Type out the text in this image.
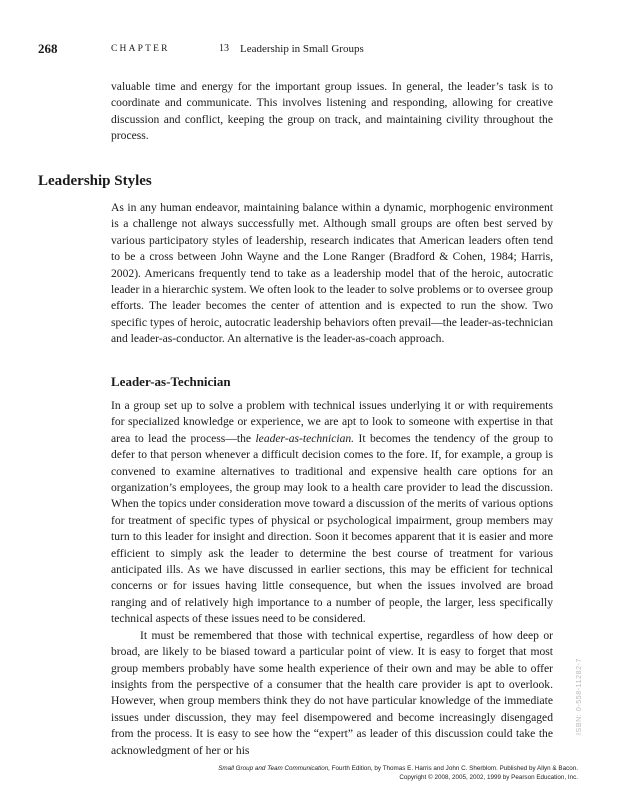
268	CHAPTER	13 Leadership in Small Groups

valuable time and energy for the important group issues. In general, the leader’s task is to coordinate and communicate. This involves listening and responding, allowing for creative discussion and conflict, keeping the group on track, and maintaining civility throughout the process.

Leadership Styles

As in any human endeavor, maintaining balance within a dynamic, morphogenic environment is a challenge not always successfully met. Although small groups are often best served by various participatory styles of leadership, research indicates that American leaders often tend to be a cross between John Wayne and the Lone Ranger (Bradford & Cohen, 1984; Harris, 2002). Americans frequently tend to take as a leadership model that of the heroic, autocratic leader in a hierarchic system. We often look to the leader to solve problems or to oversee group efforts. The leader becomes the center of attention and is expected to run the show. Two specific types of heroic, autocratic leadership behaviors often prevail—the leader-as-technician and leader-as-conductor. An alternative is the leader-as-coach approach.

Leader-as-Technician

In a group set up to solve a problem with technical issues underlying it or with requirements for specialized knowledge or experience, we are apt to look to someone with expertise in that area to lead the process—the leader-as-technician. It becomes the tendency of the group to defer to that person whenever a difficult decision comes to the fore. If, for example, a group is convened to examine alternatives to traditional and expensive health care options for an organization’s employees, the group may look to a health care provider to lead the discussion. When the topics under consideration move toward a discussion of the merits of various options for treatment of specific types of physical or psychological impairment, group members may turn to this leader for insight and direction. Soon it becomes apparent that it is easier and more efficient to simply ask the leader to determine the best course of treatment for various anticipated ills. As we have discussed in earlier sections, this may be efficient for technical concerns or for issues having little consequence, but when the issues involved are broad ranging and of relatively high importance to a number of people, the larger, less specifically technical aspects of these issues need to be considered.

It must be remembered that those with technical expertise, regardless of how deep or broad, are likely to be biased toward a particular point of view. It is easy to forget that most group members probably have some health experience of their own and may be able to offer insights from the perspective of a consumer that the health care provider is apt to overlook. However, when group members think they do not have particular knowledge of the immediate issues under discussion, they may feel disempowered and become increasingly disengaged from the process. It is easy to see how the “expert” as leader of this discussion could take the acknowledgment of her or his

ISBN: 0-558-11282-7
Small Group and Team Communication, Fourth Edition, by Thomas E. Harris and John C. Sherblom. Published by Allyn & Bacon.
Copyright © 2008, 2005, 2002, 1999 by Pearson Education, Inc.
